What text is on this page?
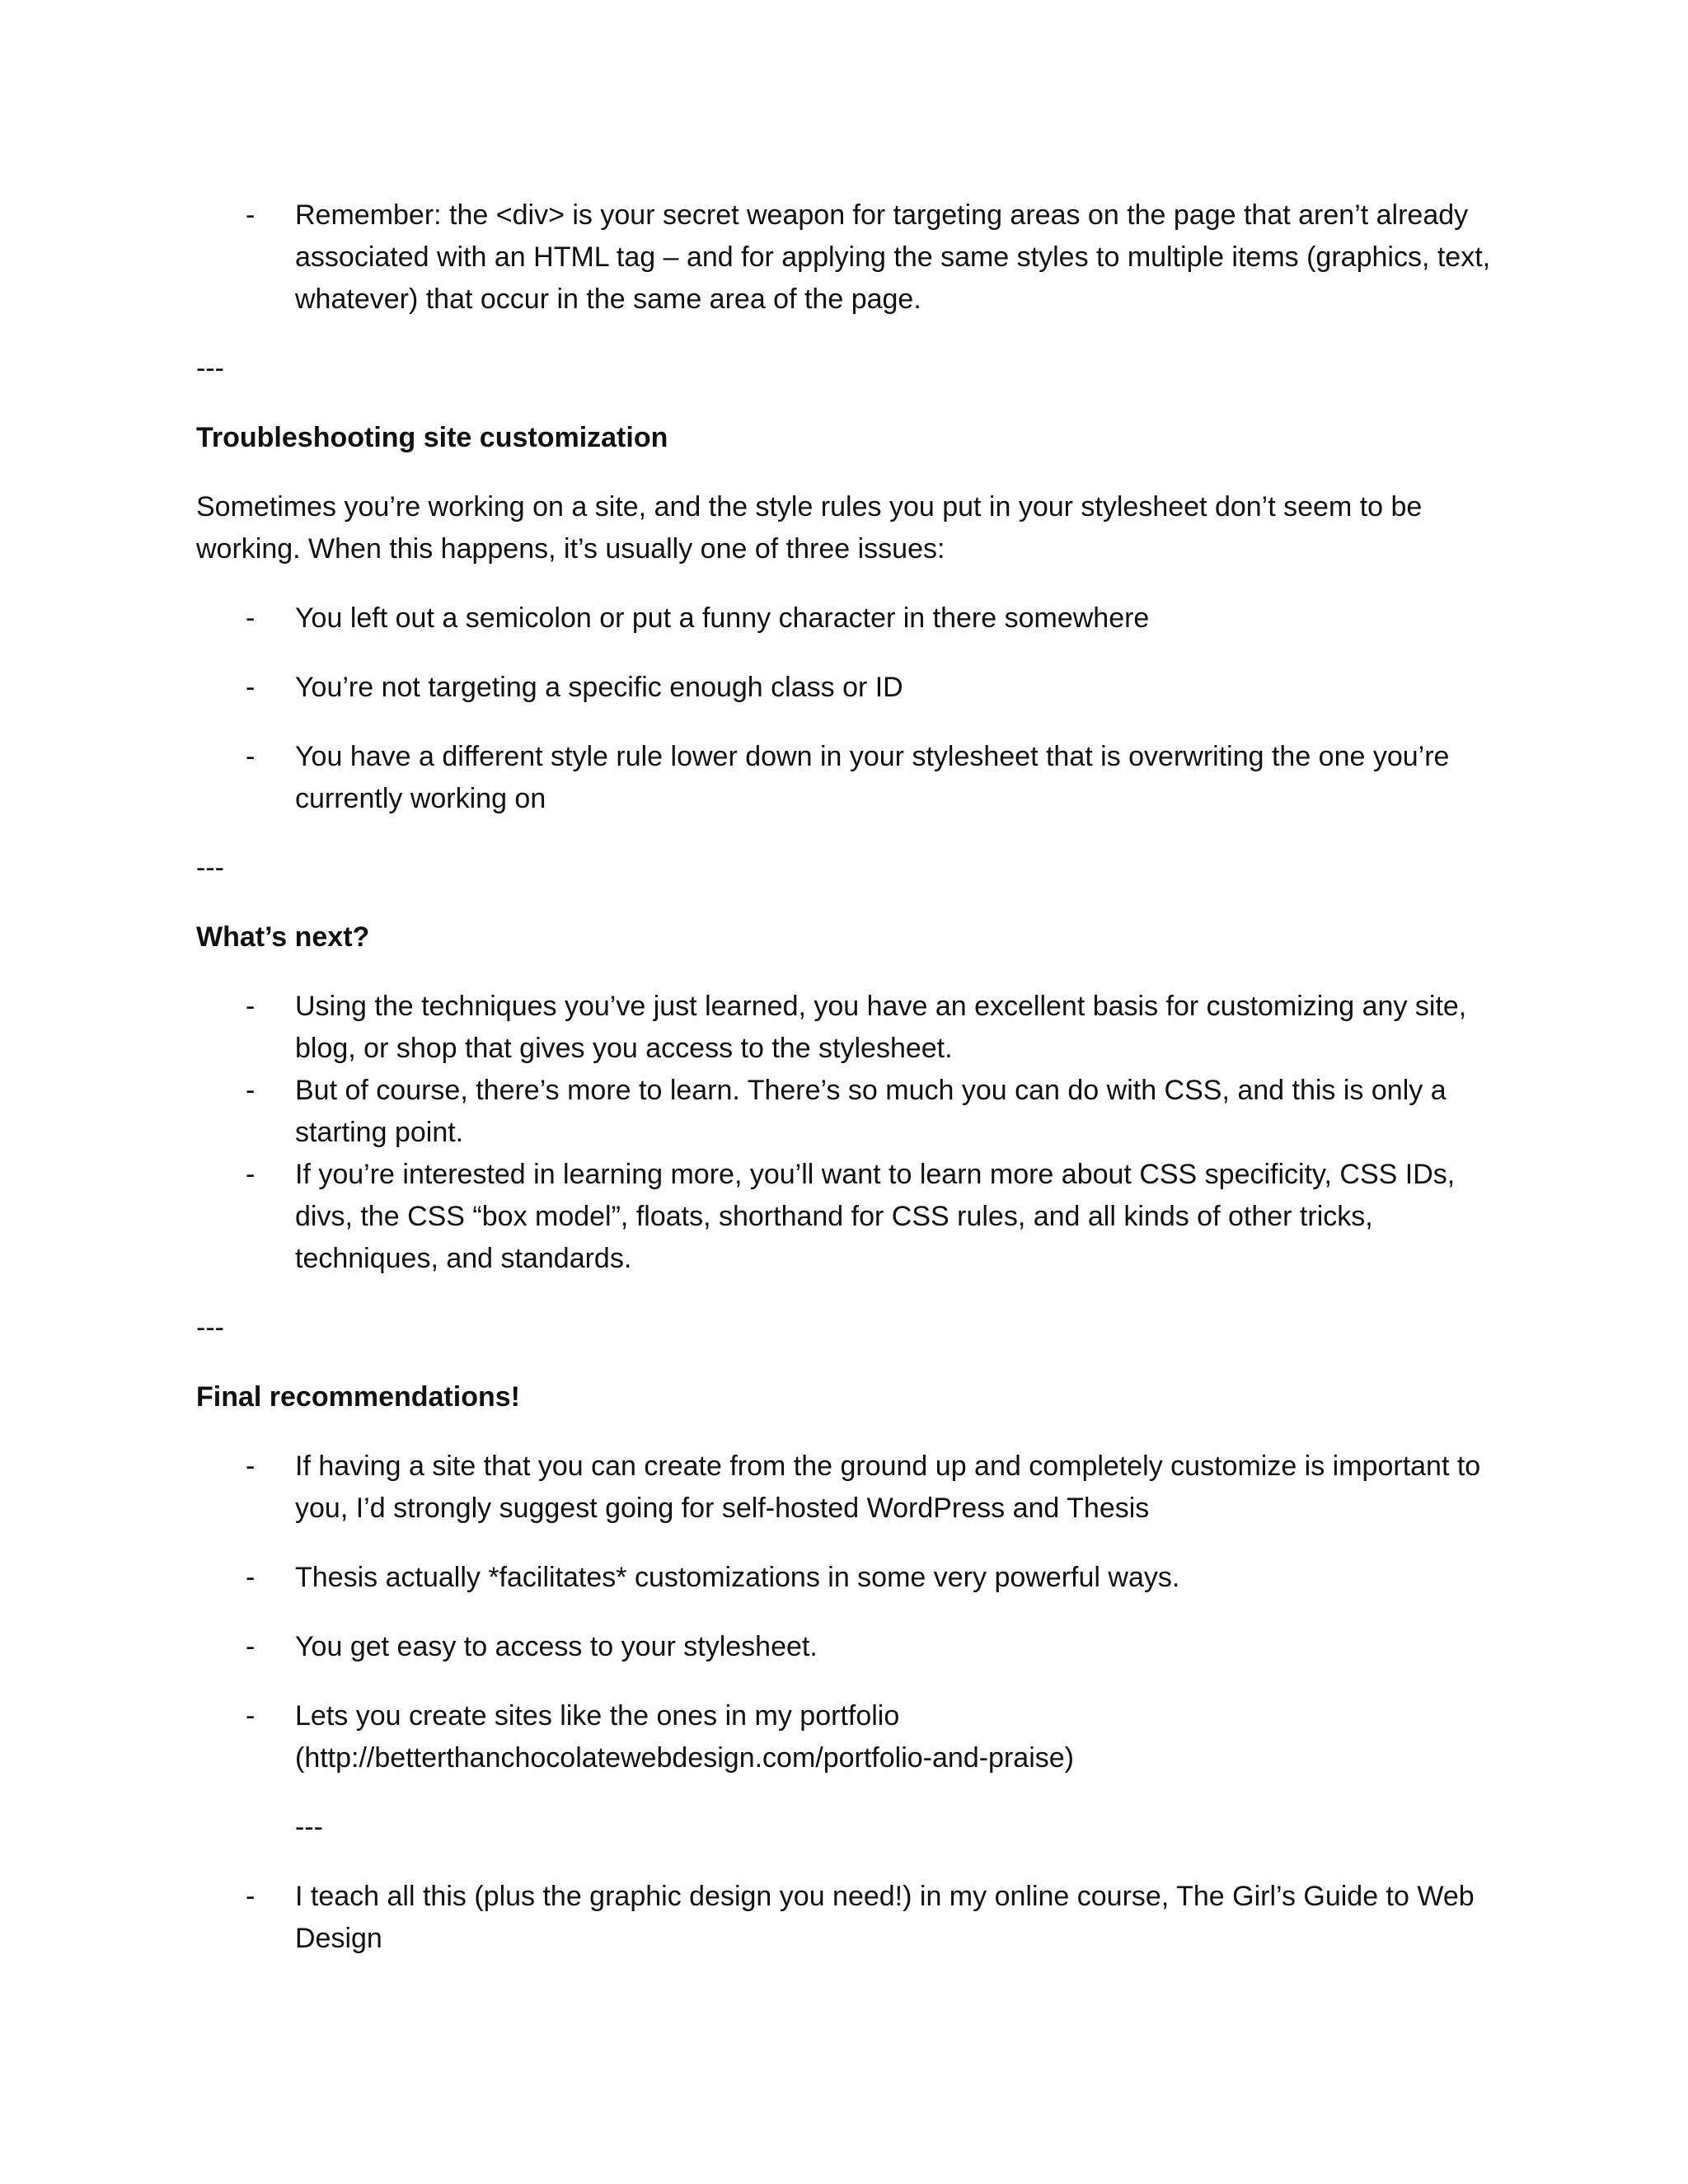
- Remember: the <div> is your secret weapon for targeting areas on the page that aren’t already associated with an HTML tag – and for applying the same styles to multiple items (graphics, text, whatever) that occur in the same area of the page.
---
Troubleshooting site customization
Sometimes you’re working on a site, and the style rules you put in your stylesheet don’t seem to be working. When this happens, it’s usually one of three issues:
- You left out a semicolon or put a funny character in there somewhere
- You’re not targeting a specific enough class or ID
- You have a different style rule lower down in your stylesheet that is overwriting the one you’re currently working on
---
What’s next?
- Using the techniques you’ve just learned, you have an excellent basis for customizing any site, blog, or shop that gives you access to the stylesheet.
- But of course, there’s more to learn. There’s so much you can do with CSS, and this is only a starting point.
- If you’re interested in learning more, you’ll want to learn more about CSS specificity, CSS IDs, divs, the CSS “box model”, floats, shorthand for CSS rules, and all kinds of other tricks, techniques, and standards.
---
Final recommendations!
- If having a site that you can create from the ground up and completely customize is important to you, I’d strongly suggest going for self-hosted WordPress and Thesis
- Thesis actually *facilitates* customizations in some very powerful ways.
- You get easy to access to your stylesheet.
- Lets you create sites like the ones in my portfolio
(http://betterthanchocolatewebdesign.com/portfolio-and-praise)
---
- I teach all this (plus the graphic design you need!) in my online course, The Girl’s Guide to Web Design
